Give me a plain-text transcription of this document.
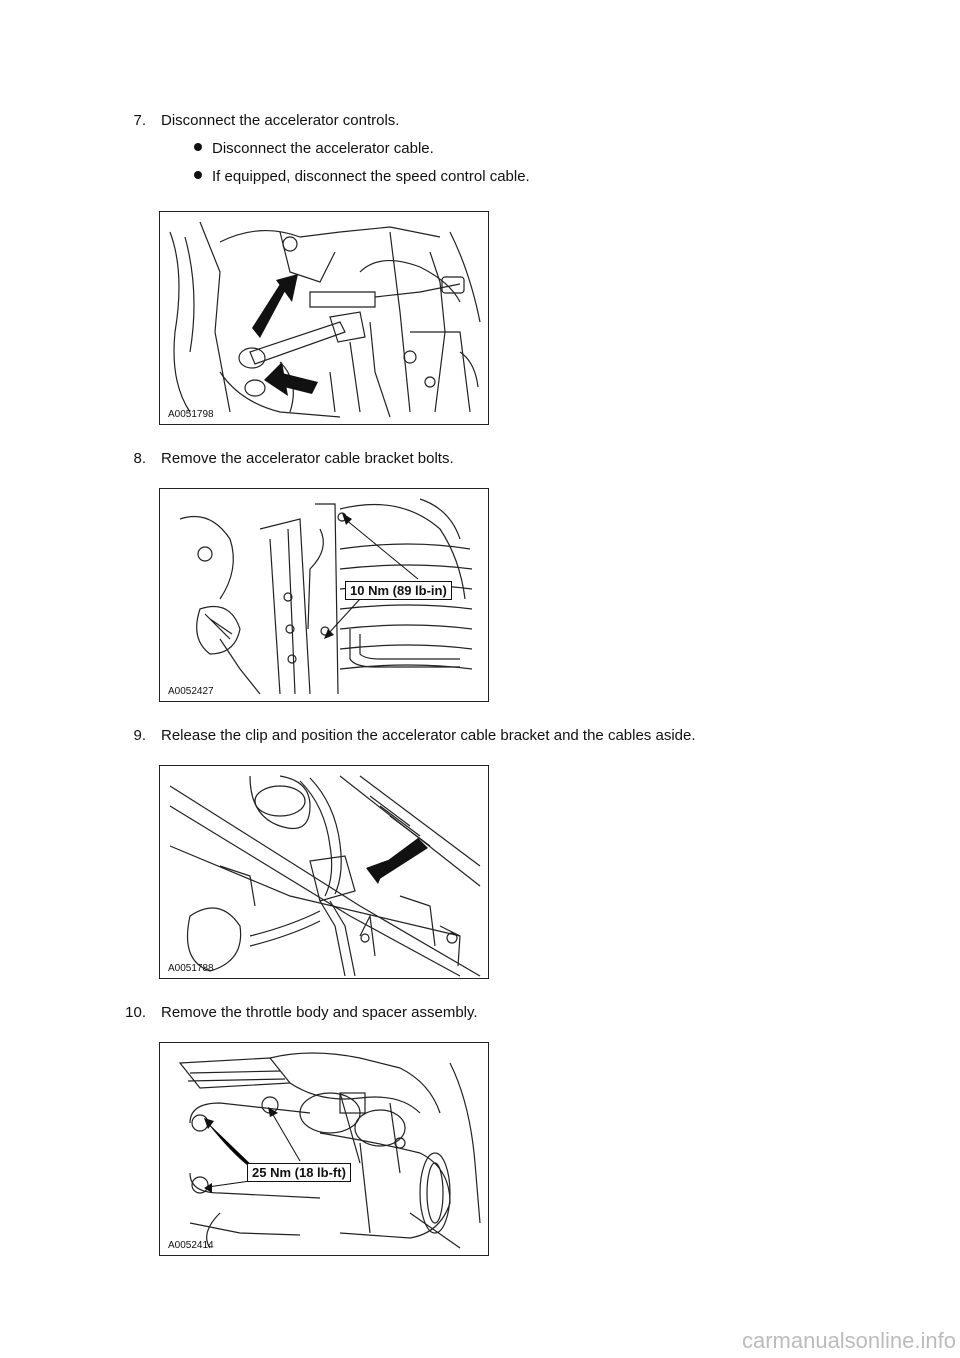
7. Disconnect the accelerator controls.
Disconnect the accelerator cable.
If equipped, disconnect the speed control cable.
A0051798
8. Remove the accelerator cable bracket bolts.
10 Nm (89 lb-in)
A0052427
9. Release the clip and position the accelerator cable bracket and the cables aside.
A0051788
10. Remove the throttle body and spacer assembly.
25 Nm (18 lb-ft)
A0052414
carmanualsonline.info
